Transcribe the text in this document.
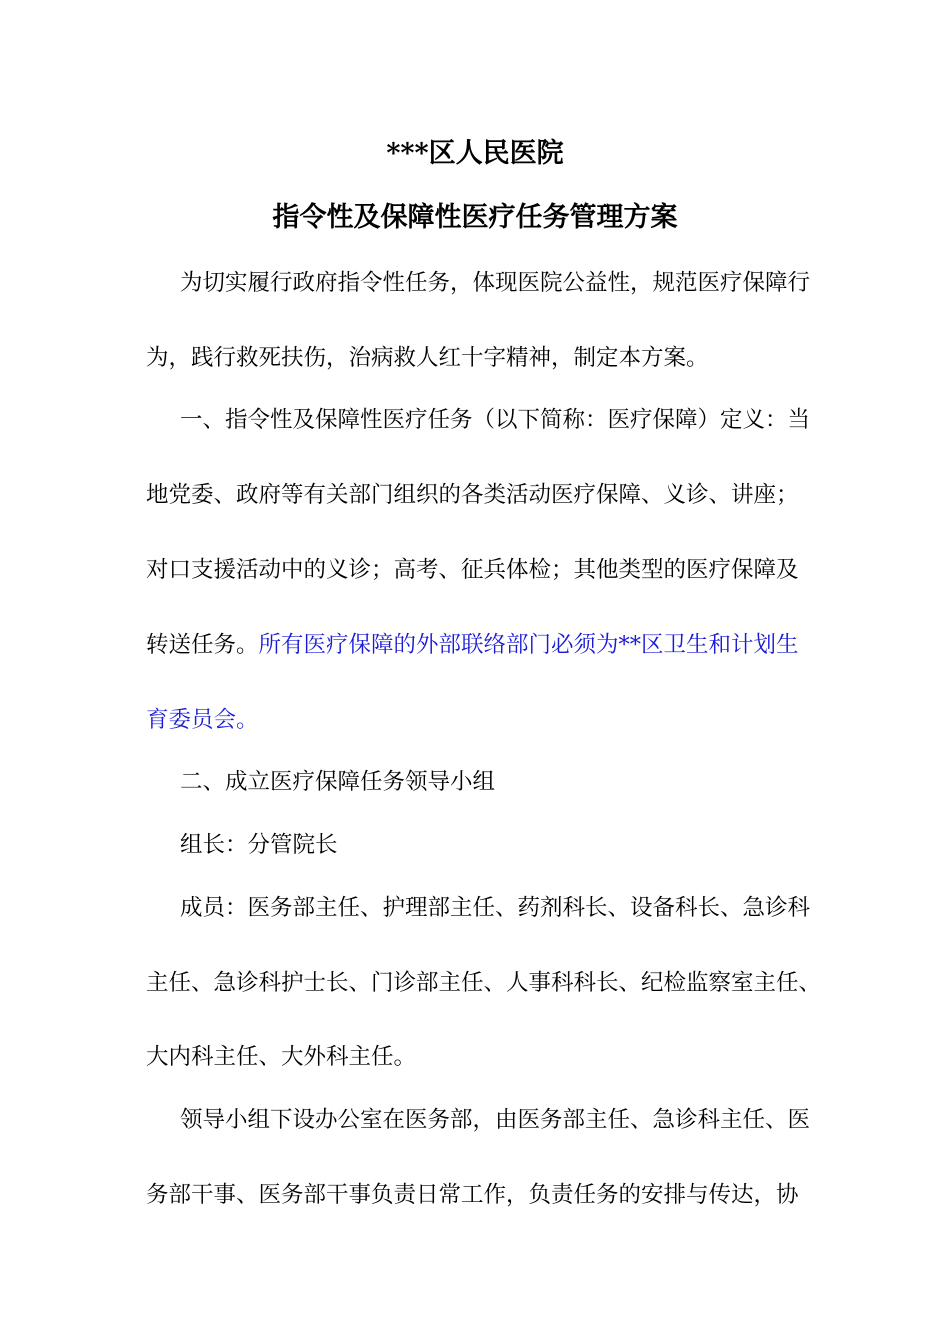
***区人民医院
指令性及保障性医疗任务管理方案

为切实履行政府指令性任务，体现医院公益性，规范医疗保障行

为，践行救死扶伤，治病救人红十字精神，制定本方案。

一、指令性及保障性医疗任务（以下简称：医疗保障）定义：当

地党委、政府等有关部门组织的各类活动医疗保障、义诊、讲座；

对口支援活动中的义诊；高考、征兵体检；其他类型的医疗保障及

转送任务。所有医疗保障的外部联络部门必须为**区卫生和计划生

育委员会。

二、成立医疗保障任务领导小组

组长：分管院长

成员：医务部主任、护理部主任、药剂科长、设备科长、急诊科

主任、急诊科护士长、门诊部主任、人事科科长、纪检监察室主任、

大内科主任、大外科主任。

领导小组下设办公室在医务部，由医务部主任、急诊科主任、医

务部干事、医务部干事负责日常工作，负责任务的安排与传达，协
